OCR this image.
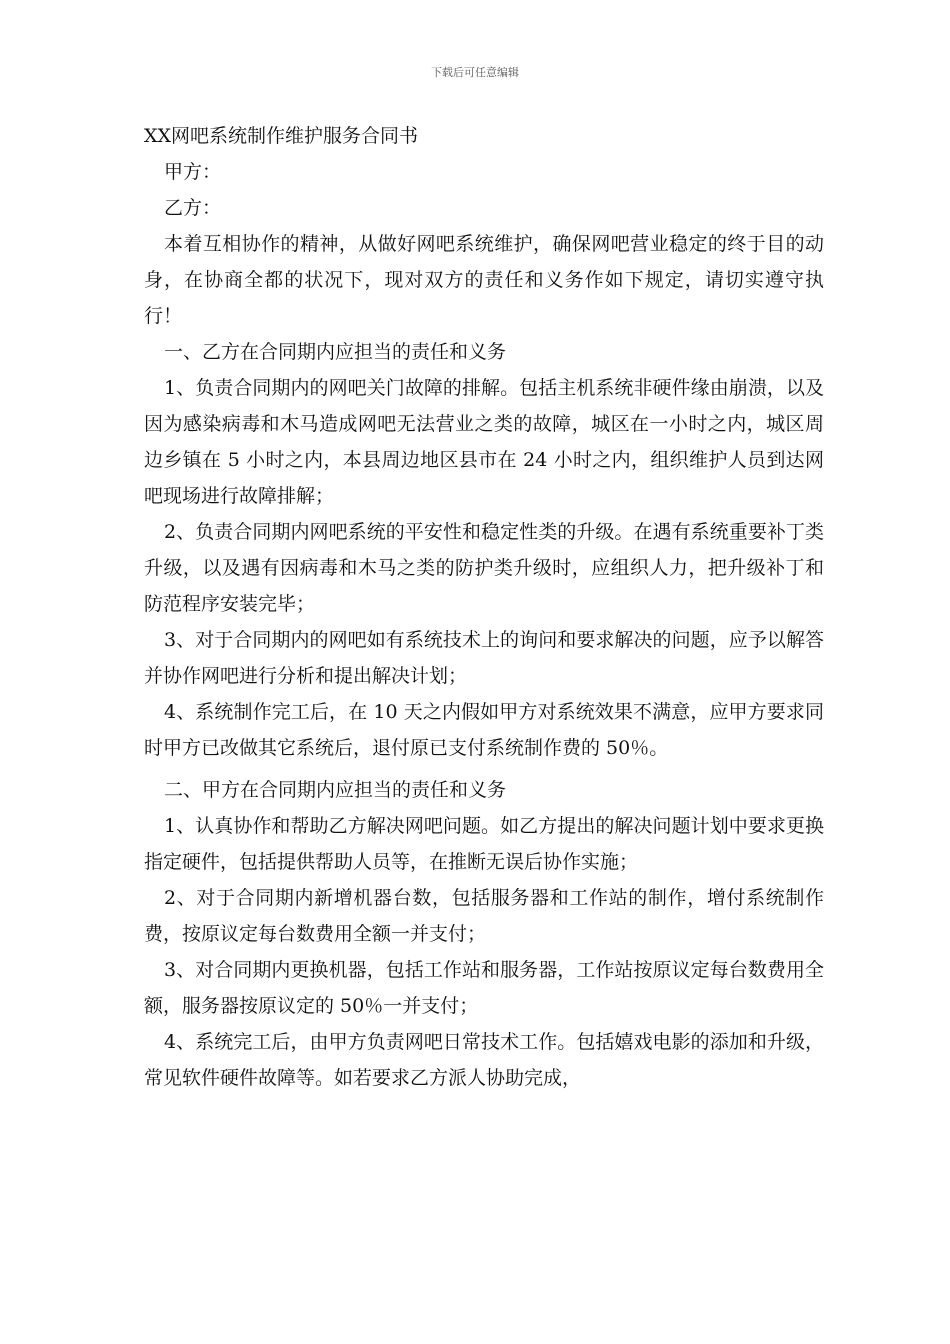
下载后可任意编辑

XX网吧系统制作维护服务合同书

甲方：

乙方：

本着互相协作的精神，从做好网吧系统维护，确保网吧营业稳定的终于目的动身，在协商全都的状况下，现对双方的责任和义务作如下规定，请切实遵守执行！

一、乙方在合同期内应担当的责任和义务

1、负责合同期内的网吧关门故障的排解。包括主机系统非硬件缘由崩溃，以及因为感染病毒和木马造成网吧无法营业之类的故障，城区在一小时之内，城区周边乡镇在 5 小时之内，本县周边地区县市在 24 小时之内，组织维护人员到达网吧现场进行故障排解；

2、负责合同期内网吧系统的平安性和稳定性类的升级。在遇有系统重要补丁类升级，以及遇有因病毒和木马之类的防护类升级时，应组织人力，把升级补丁和防范程序安装完毕；

3、对于合同期内的网吧如有系统技术上的询问和要求解决的问题，应予以解答并协作网吧进行分析和提出解决计划；

4、系统制作完工后，在 10 天之内假如甲方对系统效果不满意，应甲方要求同时甲方已改做其它系统后，退付原已支付系统制作费的 50％。

二、甲方在合同期内应担当的责任和义务

1、认真协作和帮助乙方解决网吧问题。如乙方提出的解决问题计划中要求更换指定硬件，包括提供帮助人员等，在推断无误后协作实施；

2、对于合同期内新增机器台数，包括服务器和工作站的制作，增付系统制作费，按原议定每台数费用全额一并支付；

3、对合同期内更换机器，包括工作站和服务器，工作站按原议定每台数费用全额，服务器按原议定的 50％一并支付；

4、系统完工后，由甲方负责网吧日常技术工作。包括嬉戏电影的添加和升级，常见软件硬件故障等。如若要求乙方派人协助完成，
